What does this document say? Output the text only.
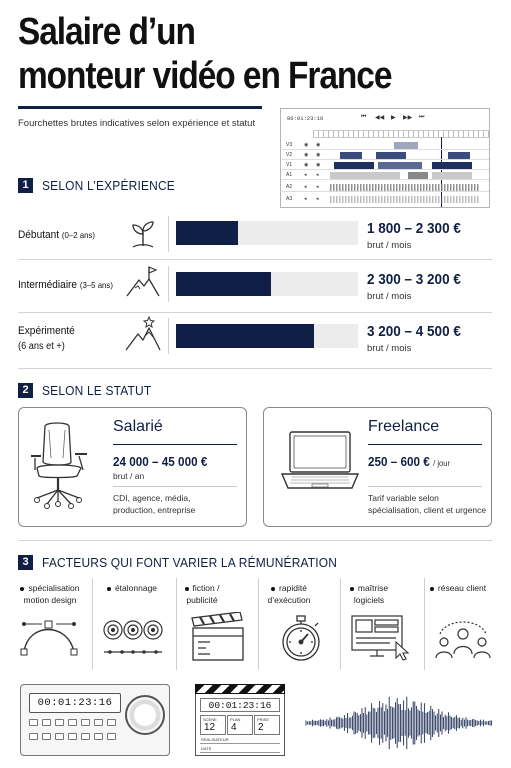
Salaire d’un
monteur vidéo en France
Fourchettes brutes indicatives selon expérience et statut	00:01:23:16	⏮ ◀◀ ▶ ▶▶ ⏭
V3 ◉ ◉
V2 ◉ ◉
V1 ◉ ◉
A1 ◂ ◂
A2 ◂ ◂
A3 ◂ ◂
1	SELON L’EXPÉRIENCE
Débutant (0–2 ans)	1 800 – 2 300 €
brut / mois
Intermédiaire (3–5 ans)	2 300 – 3 200 €
brut / mois
Expérimenté
(6 ans et +)
3 200 – 4 500 €
brut / mois
2	SELON LE STATUT
Salarié
24 000 – 45 000 €
brut / an
CDI, agence, média, production, entreprise
Freelance
250 – 600 € / jour
Tarif variable selon spécialisation, client et urgence
3	FACTEURS QUI FONT VARIER LA RÉMUNÉRATION
spécialisation motion design
étalonnage	fiction / publicité
rapidité d’exécution
maîtrise logiciels
réseau client
00:01:23:16	00:01:23:16
SCÈNE
12
PLAN
4
PRISE
2
RÉALISATEUR
DATE
